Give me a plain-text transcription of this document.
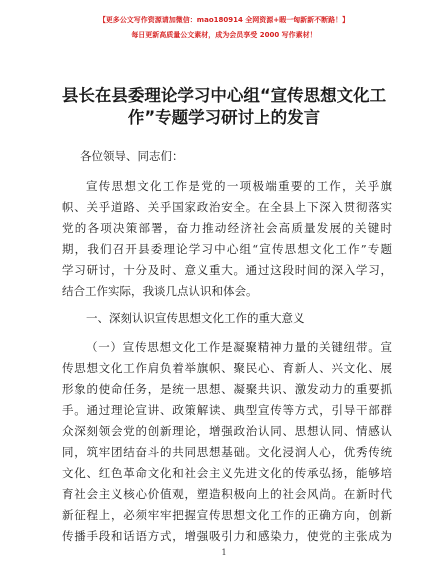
【更多公文写作资源请加微信：mao180914 全网资源+暇一匈新新不断路！】
每日更新高质量公文素材，成为会员享受 2000 写作素材！
县长在县委理论学习中心组“宣传思想文化工
作”专题学习研讨上的发言
各位领导、同志们：
宣传思想文化工作是党的一项极端重要的工作，关乎旗
帜、关乎道路、关乎国家政治安全。在全县上下深入贯彻落实
党的各项决策部署，奋力推动经济社会高质量发展的关键时
期，我们召开县委理论学习中心组“宣传思想文化工作”专题
学习研讨，十分及时、意义重大。通过这段时间的深入学习，
结合工作实际，我谈几点认识和体会。
一、深刻认识宣传思想文化工作的重大意义
（一）宣传思想文化工作是凝聚精神力量的关键纽带。宣
传思想文化工作肩负着举旗帜、聚民心、育新人、兴文化、展
形象的使命任务，是统一思想、凝聚共识、激发动力的重要抓
手。通过理论宣讲、政策解读、典型宣传等方式，引导干部群
众深刻领会党的创新理论，增强政治认同、思想认同、情感认
同，筑牢团结奋斗的共同思想基础。文化浸润人心，优秀传统
文化、红色革命文化和社会主义先进文化的传承弘扬，能够培
育社会主义核心价值观，塑造积极向上的社会风尚。在新时代
新征程上，必须牢牢把握宣传思想文化工作的正确方向，创新
传播手段和话语方式，增强吸引力和感染力，使党的主张成为
1
